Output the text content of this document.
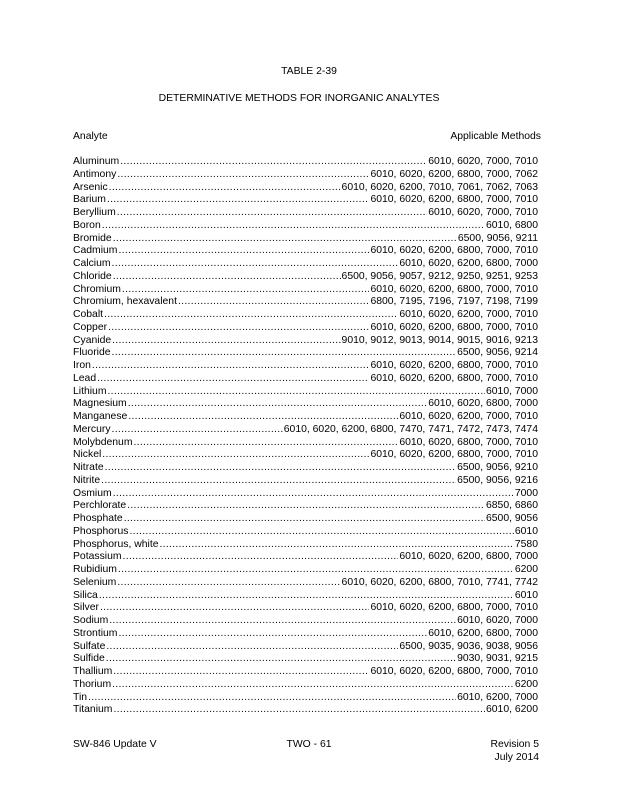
TABLE 2-39
DETERMINATIVE METHODS FOR INORGANIC ANALYTES
Analyte	Applicable Methods
Aluminum .....	6010, 6020, 7000, 7010
Antimony .....	6010, 6020, 6200, 6800, 7000, 7062
Arsenic .....	6010, 6020, 6200, 7010, 7061, 7062, 7063
Barium .....	6010, 6020, 6200, 6800, 7000, 7010
Beryllium .....	6010, 6020, 7000, 7010
Boron .....	6010, 6800
Bromide .....	6500, 9056, 9211
Cadmium .....	6010, 6020, 6200, 6800, 7000, 7010
Calcium .....	6010, 6020, 6200, 6800, 7000
Chloride .....	6500, 9056, 9057, 9212, 9250, 9251, 9253
Chromium .....	6010, 6020, 6200, 6800, 7000, 7010
Chromium, hexavalent .....	6800, 7195, 7196, 7197, 7198, 7199
Cobalt .....	6010, 6020, 6200, 7000, 7010
Copper .....	6010, 6020, 6200, 6800, 7000, 7010
Cyanide .....	9010, 9012, 9013, 9014, 9015, 9016, 9213
Fluoride .....	6500, 9056, 9214
Iron .....	6010, 6020, 6200, 6800, 7000, 7010
Lead .....	6010, 6020, 6200, 6800, 7000, 7010
Lithium .....	6010, 7000
Magnesium .....	6010, 6020, 6800, 7000
Manganese .....	6010, 6020, 6200, 7000, 7010
Mercury .....	6010, 6020, 6200, 6800, 7470, 7471, 7472, 7473, 7474
Molybdenum .....	6010, 6020, 6800, 7000, 7010
Nickel .....	6010, 6020, 6200, 6800, 7000, 7010
Nitrate .....	6500, 9056, 9210
Nitrite .....	6500, 9056, 9216
Osmium .....	7000
Perchlorate .....	6850, 6860
Phosphate .....	6500, 9056
Phosphorus .....	6010
Phosphorus, white .....	7580
Potassium .....	6010, 6020, 6200, 6800, 7000
Rubidium .....	6200
Selenium .....	6010, 6020, 6200, 6800, 7010, 7741, 7742
Silica .....	6010
Silver .....	6010, 6020, 6200, 6800, 7000, 7010
Sodium .....	6010, 6020, 7000
Strontium .....	6010, 6200, 6800, 7000
Sulfate .....	6500, 9035, 9036, 9038, 9056
Sulfide .....	9030, 9031, 9215
Thallium .....	6010, 6020, 6200, 6800, 7000, 7010
Thorium .....	6200
Tin .....	6010, 6200, 7000
Titanium .....	6010, 6200
SW-846 Update V	TWO - 61	Revision 5
July 2014
